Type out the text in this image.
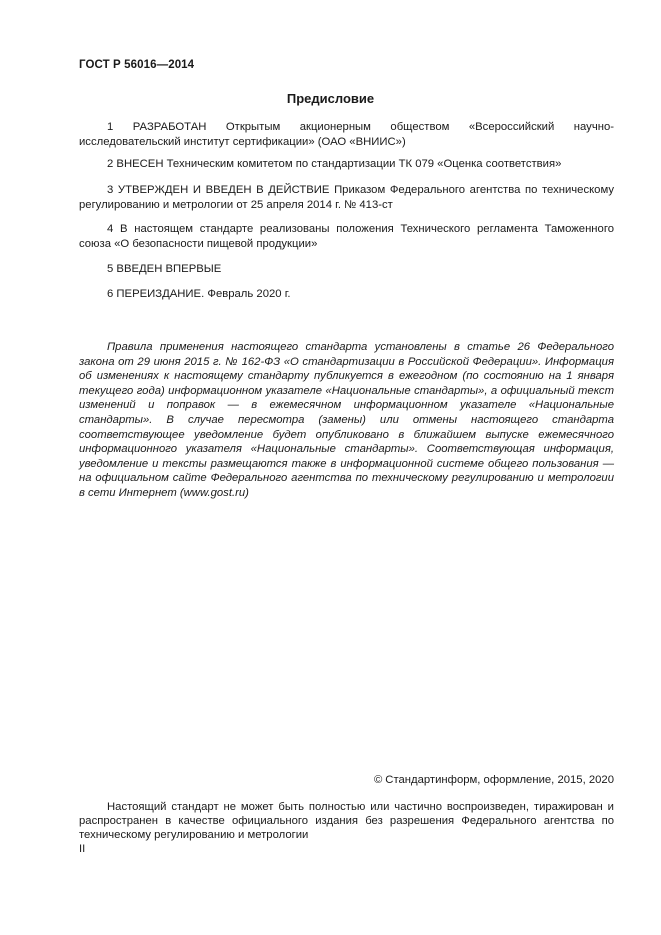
ГОСТ Р 56016—2014
Предисловие

1 РАЗРАБОТАН Открытым акционерным обществом «Всероссийский научно-исследовательский институт сертификации» (ОАО «ВНИИС»)

2 ВНЕСЕН Техническим комитетом по стандартизации ТК 079 «Оценка соответствия»

3 УТВЕРЖДЕН И ВВЕДЕН В ДЕЙСТВИЕ Приказом Федерального агентства по техническому регулированию и метрологии от 25 апреля 2014 г. № 413-ст

4 В настоящем стандарте реализованы положения Технического регламента Таможенного союза «О безопасности пищевой продукции»

5 ВВЕДЕН ВПЕРВЫЕ

6 ПЕРЕИЗДАНИЕ. Февраль 2020 г.

Правила применения настоящего стандарта установлены в статье 26 Федерального закона от 29 июня 2015 г. № 162-ФЗ «О стандартизации в Российской Федерации». Информация об изменениях к настоящему стандарту публикуется в ежегодном (по состоянию на 1 января текущего года) информационном указателе «Национальные стандарты», а официальный текст изменений и поправок — в ежемесячном информационном указателе «Национальные стандарты». В случае пересмотра (замены) или отмены настоящего стандарта соответствующее уведомление будет опубликовано в ближайшем выпуске ежемесячного информационного указателя «Национальные стандарты». Соответствующая информация, уведомление и тексты размещаются также в информационной системе общего пользования — на официальном сайте Федерального агентства по техническому регулированию и метрологии в сети Интернет (www.gost.ru)

© Стандартинформ, оформление, 2015, 2020

Настоящий стандарт не может быть полностью или частично воспроизведен, тиражирован и распространен в качестве официального издания без разрешения Федерального агентства по техническому регулированию и метрологии

II
